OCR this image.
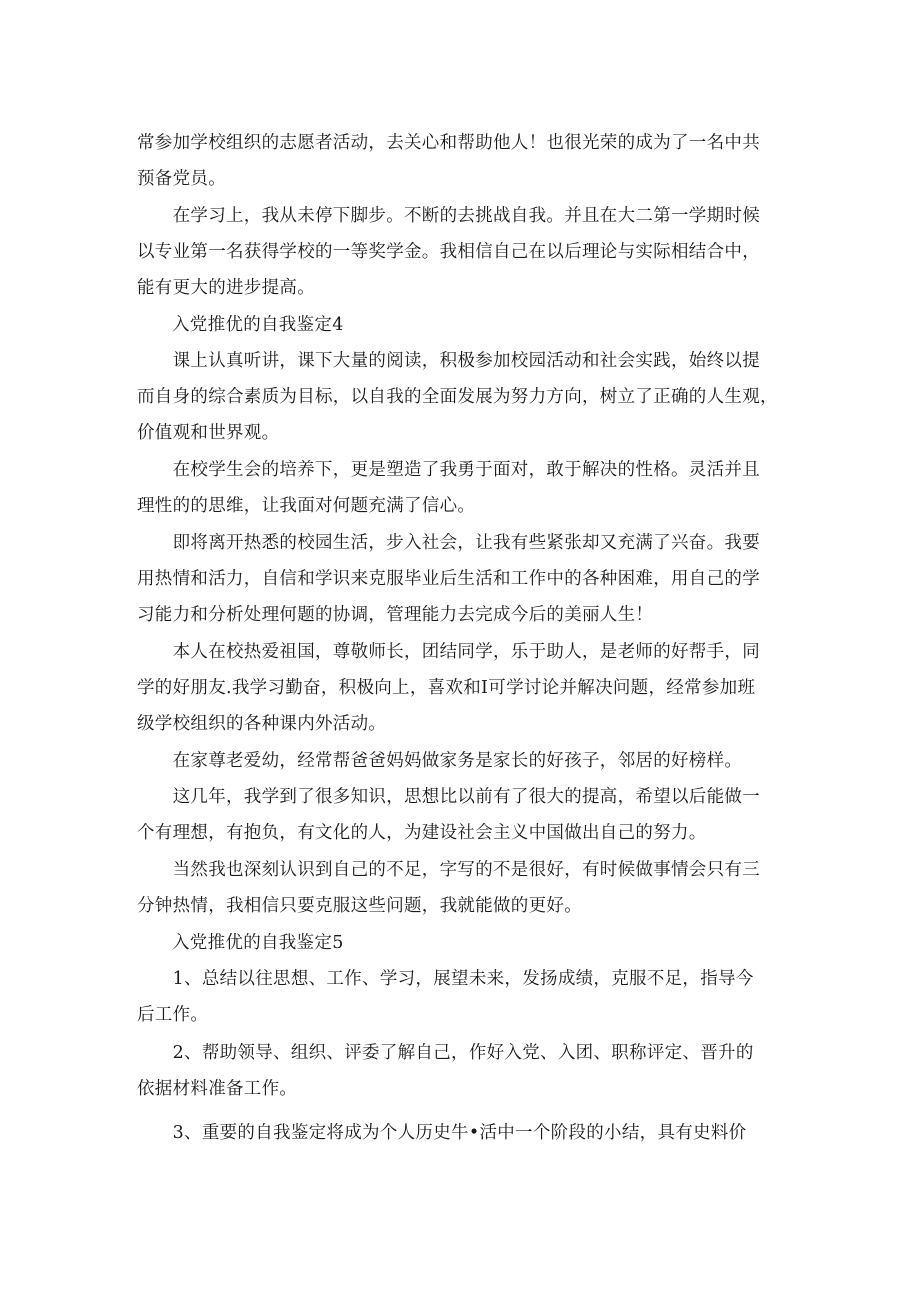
常参加学校组织的志愿者活动，去关心和帮助他人！也很光荣的成为了一名中共
预备党员。

　　在学习上，我从未停下脚步。不断的去挑战自我。并且在大二第一学期时候
以专业第一名获得学校的一等奖学金。我相信自己在以后理论与实际相结合中，
能有更大的进步提高。

入党推优的自我鉴定4

　　课上认真听讲，课下大量的阅读，积极参加校园活动和社会实践，始终以提
而自身的综合素质为目标，以自我的全面发展为努力方向，树立了正确的人生观，
价值观和世界观。

　　在校学生会的培养下，更是塑造了我勇于面对，敢于解决的性格。灵活并且
理性的的思维，让我面对何题充满了信心。

　　即将离开热悉的校园生活，步入社会，让我有些紧张却又充满了兴奋。我要
用热情和活力，自信和学识来克服毕业后生活和工作中的各种困难，用自己的学
习能力和分析处理何题的协调，管理能力去完成今后的美丽人生！

　　本人在校热爱祖国，尊敬师长，团结同学，乐于助人，是老师的好帮手，同
学的好朋友.我学习勤奋，积极向上，喜欢和I可学讨论并解决问题，经常参加班
级学校组织的各种课内外活动。

　　在家尊老爱幼，经常帮爸爸妈妈做家务是家长的好孩子，邻居的好榜样。

　　这几年，我学到了很多知识，思想比以前有了很大的提高，希望以后能做一
个有理想，有抱负，有文化的人，为建设社会主义中国做出自己的努力。

　　当然我也深刻认识到自己的不足，字写的不是很好，有时候做事情会只有三
分钟热情，我相信只要克服这些问题，我就能做的更好。

入党推优的自我鉴定5

　　1、总结以往思想、工作、学习，展望未来，发扬成绩，克服不足，指导今
后工作。

　　2、帮助领导、组织、评委了解自己，作好入党、入团、职称评定、晋升的
依据材料准备工作。

　　3、重要的自我鉴定将成为个人历史牛•活中一个阶段的小结，具有史料价
